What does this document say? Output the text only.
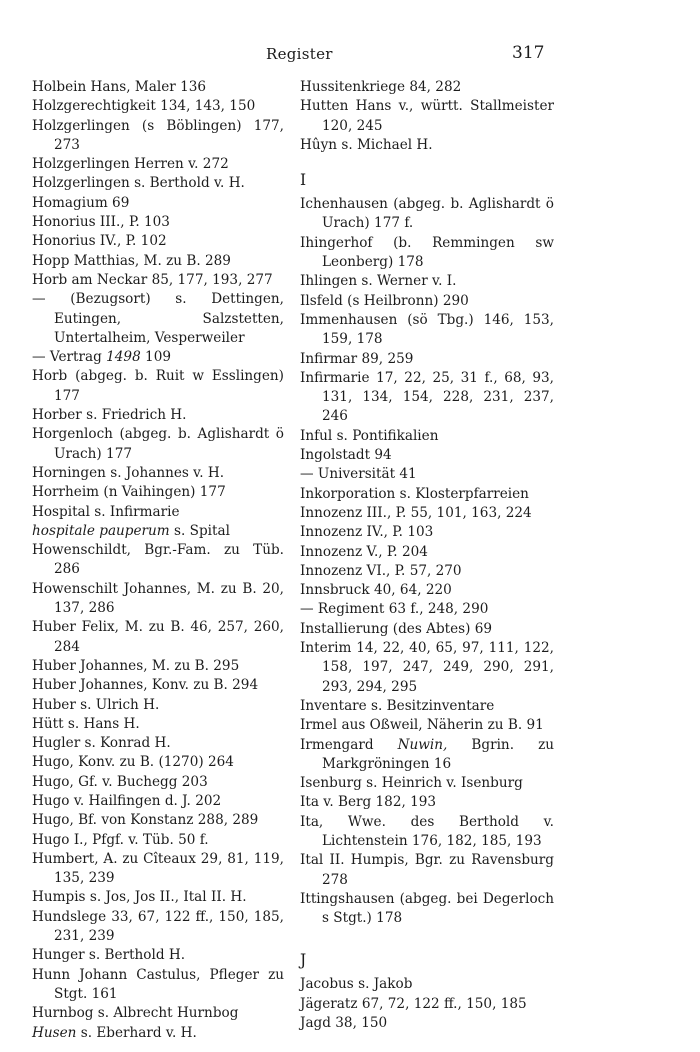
Register	317
Holbein Hans, Maler 136
Holzgerechtigkeit 134, 143, 150
Holzgerlingen (s Böblingen) 177, 273
Holzgerlingen Herren v. 272
Holzgerlingen s. Berthold v. H.
Homagium 69
Honorius III., P. 103
Honorius IV., P. 102
Hopp Matthias, M. zu B. 289
Horb am Neckar 85, 177, 193, 277
— (Bezugsort) s. Dettingen, Eutingen, Salzstetten, Untertalheim, Vesperweiler
— Vertrag 1498 109
Horb (abgeg. b. Ruit w Esslingen) 177
Horber s. Friedrich H.
Horgenloch (abgeg. b. Aglishardt ö Urach) 177
Horningen s. Johannes v. H.
Horrheim (n Vaihingen) 177
Hospital s. Infirmarie
hospitale pauperum s. Spital
Howenschildt, Bgr.-Fam. zu Tüb. 286
Howenschilt Johannes, M. zu B. 20, 137, 286
Huber Felix, M. zu B. 46, 257, 260, 284
Huber Johannes, M. zu B. 295
Huber Johannes, Konv. zu B. 294
Huber s. Ulrich H.
Hütt s. Hans H.
Hugler s. Konrad H.
Hugo, Konv. zu B. (1270) 264
Hugo, Gf. v. Buchegg 203
Hugo v. Hailfingen d. J. 202
Hugo, Bf. von Konstanz 288, 289
Hugo I., Pfgf. v. Tüb. 50 f.
Humbert, A. zu Cîteaux 29, 81, 119, 135, 239
Humpis s. Jos, Jos II., Ital II. H.
Hundslege 33, 67, 122 ff., 150, 185, 231, 239
Hunger s. Berthold H.
Hunn Johann Castulus, Pfleger zu Stgt. 161
Hurnbog s. Albrecht Hurnbog
Husen s. Eberhard v. H.
Hussitenkriege 84, 282
Hutten Hans v., württ. Stallmeister 120, 245
Hûyn s. Michael H.
I
Ichenhausen (abgeg. b. Aglishardt ö Urach) 177 f.
Ihingerhof (b. Remmingen sw Leonberg) 178
Ihlingen s. Werner v. I.
Ilsfeld (s Heilbronn) 290
Immenhausen (sö Tbg.) 146, 153, 159, 178
Infirmar 89, 259
Infirmarie 17, 22, 25, 31 f., 68, 93, 131, 134, 154, 228, 231, 237, 246
Inful s. Pontifikalien
Ingolstadt 94
— Universität 41
Inkorporation s. Klosterpfarreien
Innozenz III., P. 55, 101, 163, 224
Innozenz IV., P. 103
Innozenz V., P. 204
Innozenz VI., P. 57, 270
Innsbruck 40, 64, 220
— Regiment 63 f., 248, 290
Installierung (des Abtes) 69
Interim 14, 22, 40, 65, 97, 111, 122, 158, 197, 247, 249, 290, 291, 293, 294, 295
Inventare s. Besitzinventare
Irmel aus Oßweil, Näherin zu B. 91
Irmengard Nuwin, Bgrin. zu Markgröningen 16
Isenburg s. Heinrich v. Isenburg
Ita v. Berg 182, 193
Ita, Wwe. des Berthold v. Lichtenstein 176, 182, 185, 193
Ital II. Humpis, Bgr. zu Ravensburg 278
Ittingshausen (abgeg. bei Degerloch s Stgt.) 178
J
Jacobus s. Jakob
Jägeratz 67, 72, 122 ff., 150, 185
Jagd 38, 150
